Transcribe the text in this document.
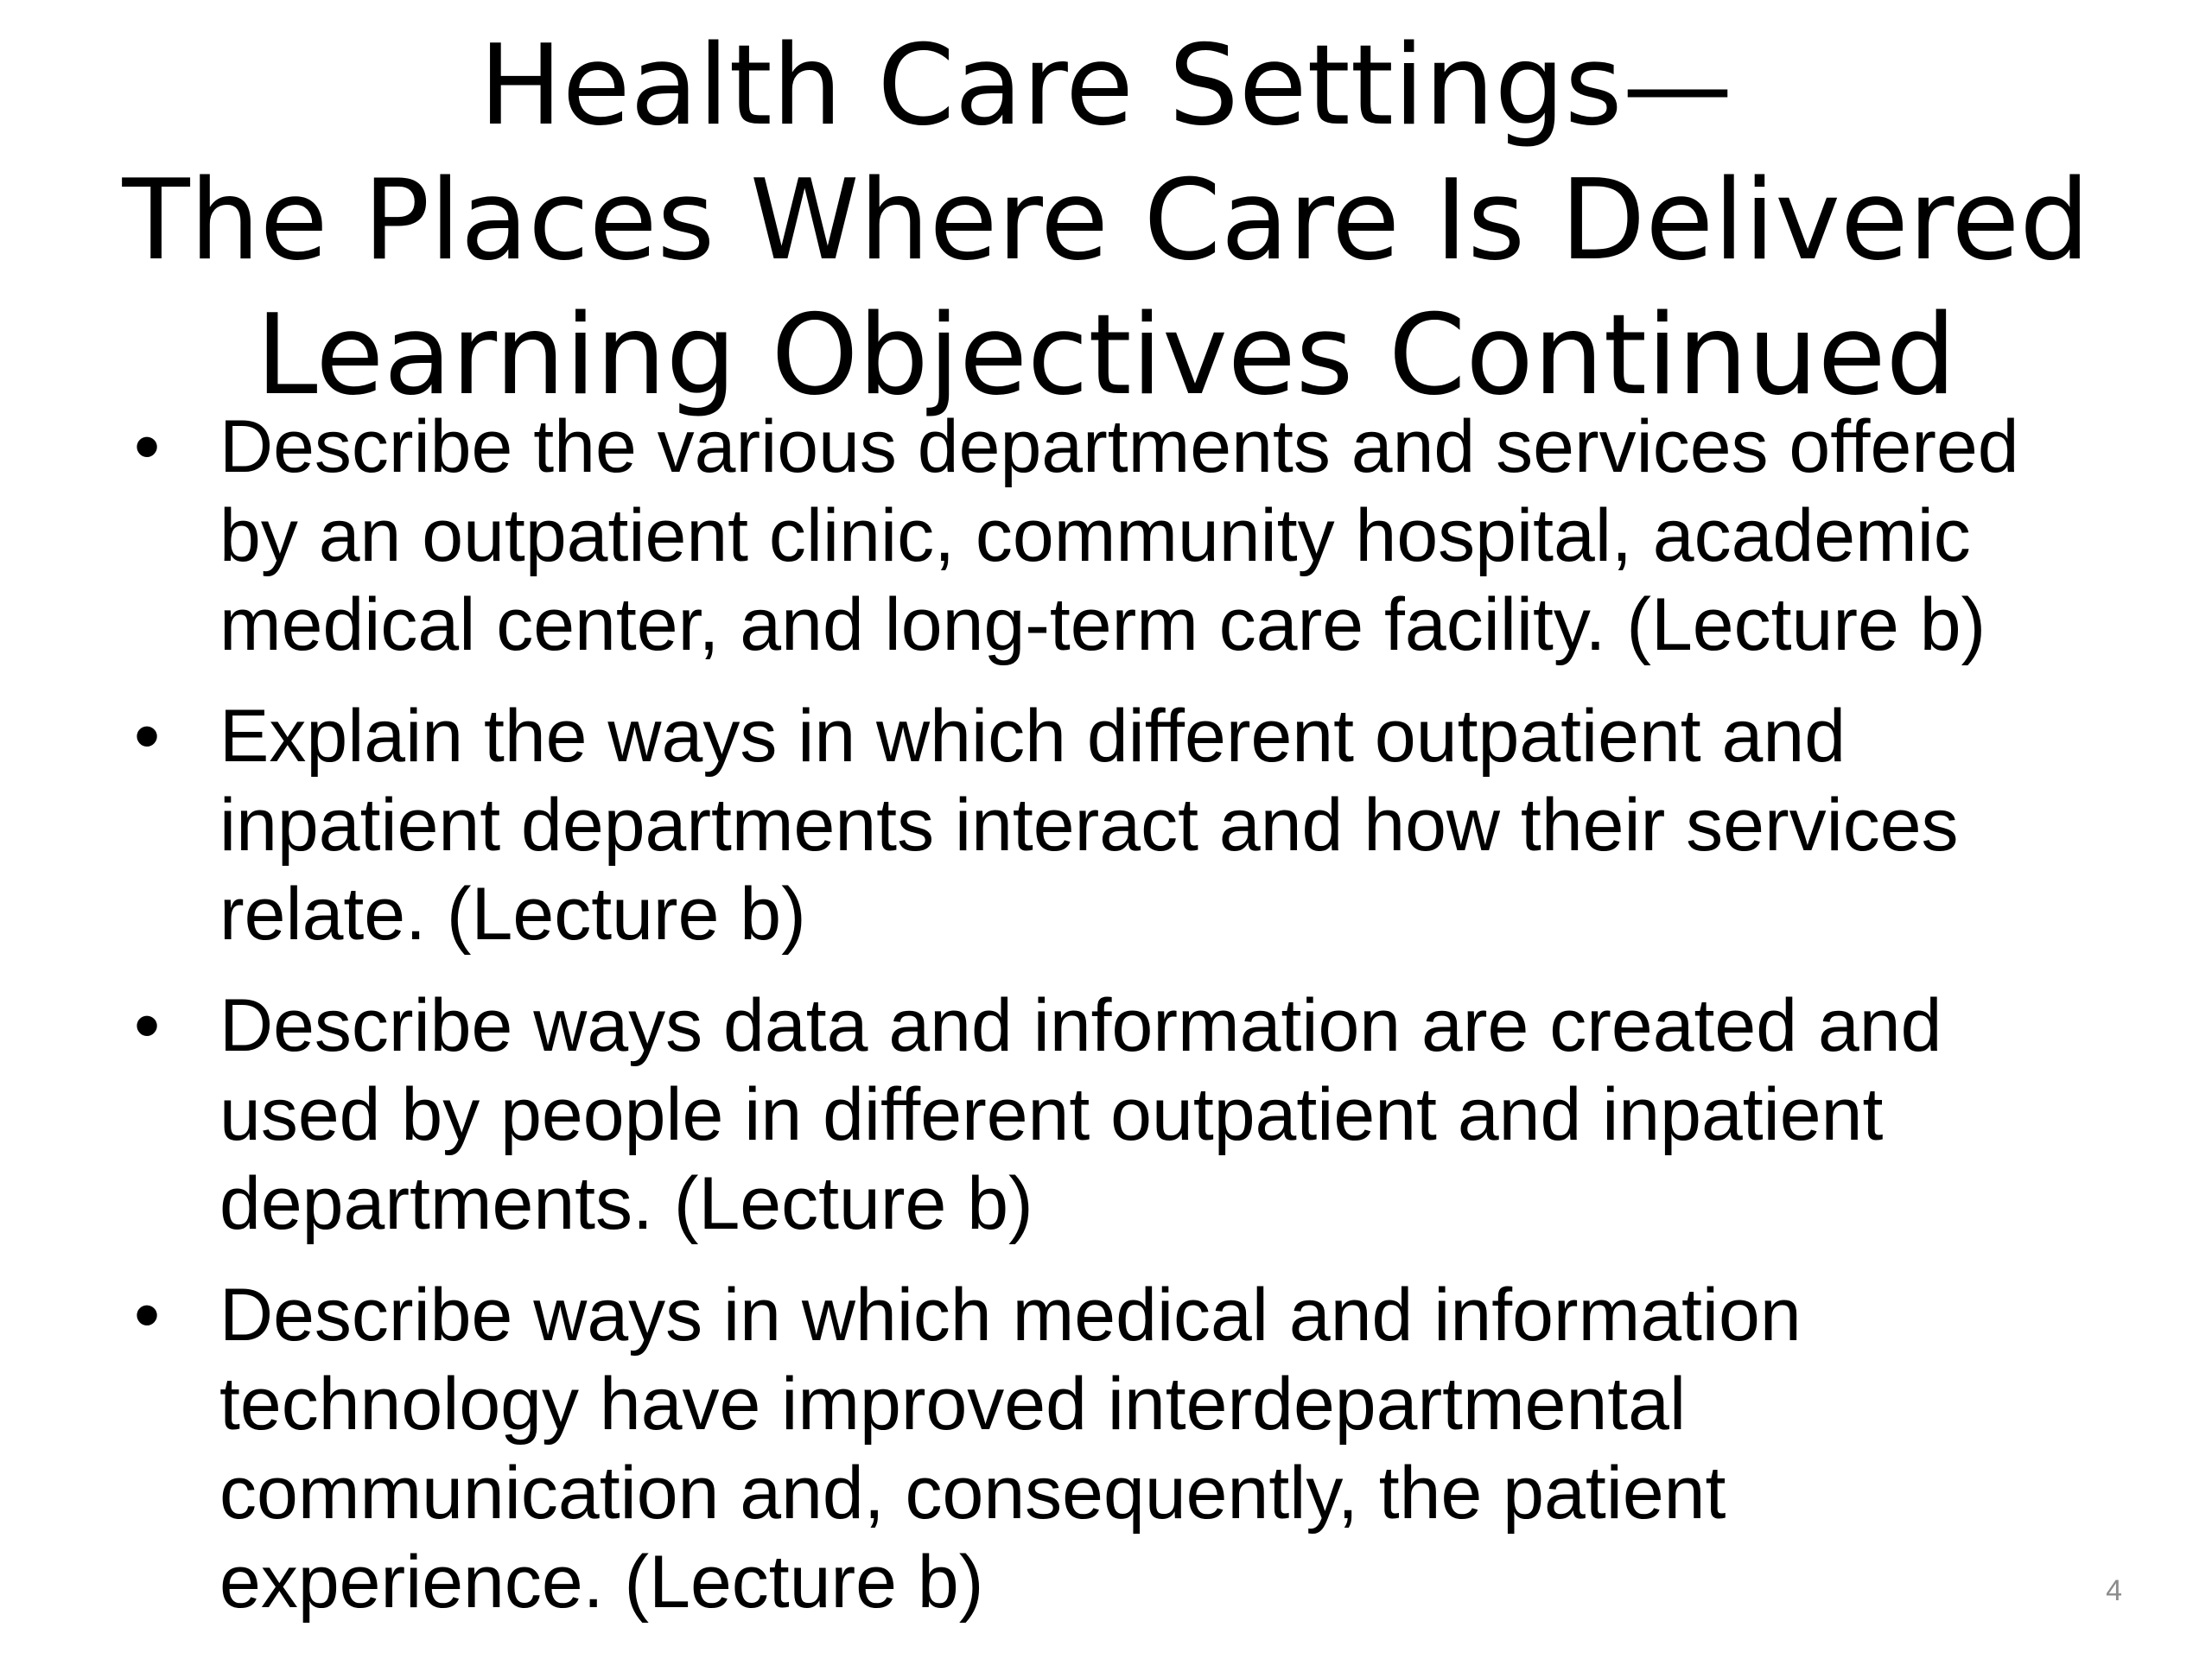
Health Care Settings—
The Places Where Care Is Delivered
Learning Objectives Continued
• Describe the various departments and services offered
by an outpatient clinic, community hospital, academic
medical center, and long-term care facility. (Lecture b)
• Explain the ways in which different outpatient and
inpatient departments interact and how their services
relate. (Lecture b)
• Describe ways data and information are created and
used by people in different outpatient and inpatient
departments. (Lecture b)
• Describe ways in which medical and information
technology have improved interdepartmental
communication and, consequently, the patient
experience. (Lecture b)	4
